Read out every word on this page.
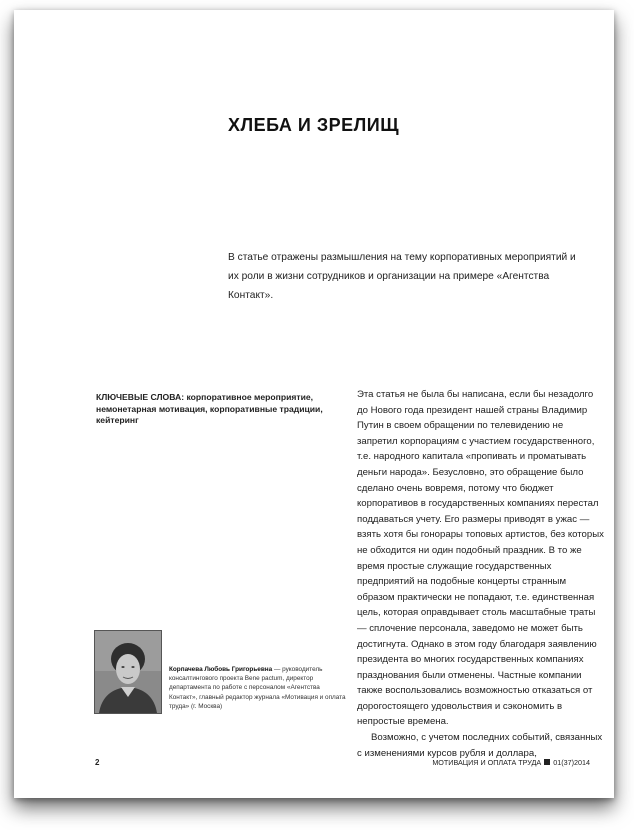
ХЛЕБА И ЗРЕЛИЩ
В статье отражены размышления на тему корпоративных мероприятий и их роли в жизни сотрудников и организации на примере «Агентства Контакт».
КЛЮЧЕВЫЕ СЛОВА: корпоративное мероприятие, немонетарная мотивация, корпоративные традиции, кейтеринг

Эта статья не была бы написана, если бы незадолго до Нового года президент нашей страны Владимир Путин в своем обращении по телевидению не запретил корпорациям с участием государственного, т.е. народного капитала «пропивать и проматывать деньги народа». Безусловно, это обращение было сделано очень вовремя, потому что бюджет корпоративов в государственных компаниях перестал поддаваться учету. Его размеры приводят в ужас — взять хотя бы гонорары топовых артистов, без которых не обходится ни один подобный праздник. В то же время простые служащие государственных предприятий на подобные концерты странным образом практически не попадают, т.е. единственная цель, которая оправдывает столь масштабные траты — сплочение персонала, заведомо не может быть достигнута. Однако в этом году благодаря заявлению президента во многих государственных компаниях празднования были отменены. Частные компании также воспользовались возможностью отказаться от дорогостоящего удовольствия и сэкономить в непростые времена.

Возможно, с учетом последних событий, связанных с изменениями курсов рубля и доллара,

Корпачева Любовь Григорьевна — руководитель консалтингового проекта Bene pactum, директор департамента по работе с персоналом «Агентства Контакт», главный редактор журнала «Мотивация и оплата труда» (г. Москва)
2	МОТИВАЦИЯ И ОПЛАТА ТРУДА 01(37)2014
